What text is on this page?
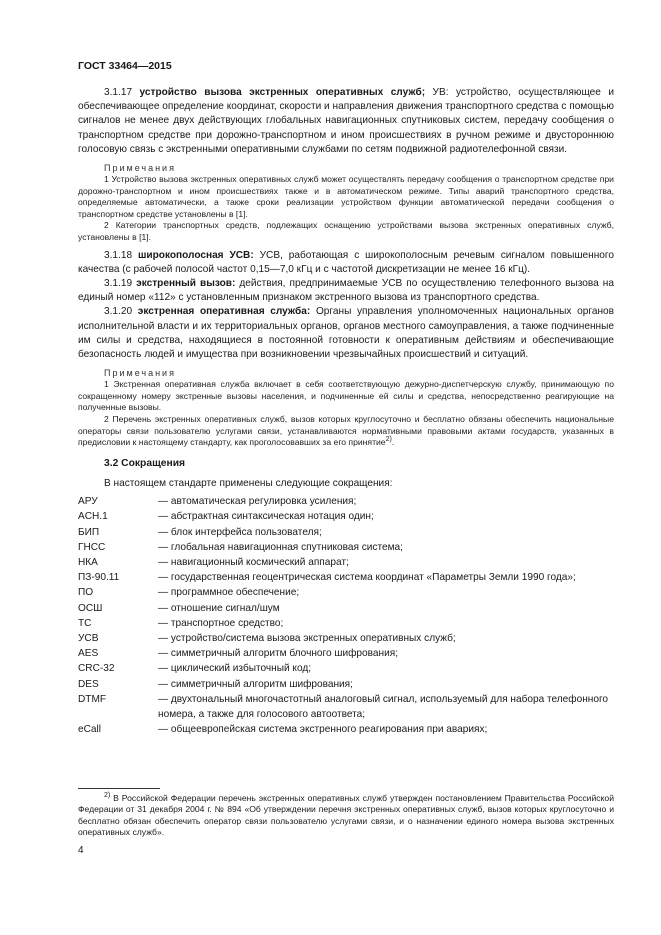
ГОСТ 33464—2015

3.1.17 устройство вызова экстренных оперативных служб; УВ: устройство, осуществляющее и обеспечивающее определение координат, скорости и направления движения транспортного средства с помощью сигналов не менее двух действующих глобальных навигационных спутниковых систем, передачу сообщения о транспортном средстве при дорожно-транспортном и ином происшествиях в ручном режиме и двустороннюю голосовую связь с экстренными оперативными службами по сетям подвижной радиотелефонной связи.

Примечания

1 Устройство вызова экстренных оперативных служб может осуществлять передачу сообщения о транспортном средстве при дорожно-транспортном и ином происшествиях также и в автоматическом режиме. Типы аварий транспортного средства, определяемые автоматически, а также сроки реализации устройством функции автоматической передачи сообщения о транспортном средстве установлены в [1].

2 Категории транспортных средств, подлежащих оснащению устройствами вызова экстренных оперативных служб, установлены в [1].

3.1.18 широкополосная УСВ: УСВ, работающая с широкополосным речевым сигналом повышенного качества (с рабочей полосой частот 0,15—7,0 кГц и с частотой дискретизации не менее 16 кГц).

3.1.19 экстренный вызов: действия, предпринимаемые УСВ по осуществлению телефонного вызова на единый номер «112» с установленным признаком экстренного вызова из транспортного средства.

3.1.20 экстренная оперативная служба: Органы управления уполномоченных национальных органов исполнительной власти и их территориальных органов, органов местного самоуправления, а также подчиненные им силы и средства, находящиеся в постоянной готовности к оперативным действиям и обеспечивающие безопасность людей и имущества при возникновении чрезвычайных происшествий и ситуаций.

Примечания

1 Экстренная оперативная служба включает в себя соответствующую дежурно-диспетчерскую службу, принимающую по сокращенному номеру экстренные вызовы населения, и подчиненные ей силы и средства, непосредственно реагирующие на полученные вызовы.

2 Перечень экстренных оперативных служб, вызов которых круглосуточно и бесплатно обязаны обеспечить национальные операторы связи пользователю услугами связи, устанавливаются нормативными правовыми актами государств, указанных в предисловии к настоящему стандарту, как проголосовавших за его принятие$^{2)}$.

3.2 Сокращения

В настоящем стандарте применены следующие сокращения:

АРУ	— автоматическая регулировка усиления;
ACH.1	— абстрактная синтаксическая нотация один;
БИП	— блок интерфейса пользователя;
ГНСС	— глобальная навигационная спутниковая система;
НКА	— навигационный космический аппарат;
ПЗ-90.11	— государственная геоцентрическая система координат «Параметры Земли 1990 года»;
ПО	— программное обеспечение;
ОСШ	— отношение сигнал/шум
ТС	— транспортное средство;
УСВ	— устройство/система вызова экстренных оперативных служб;
AES	— симметричный алгоритм блочного шифрования;
CRC-32	— циклический избыточный код;
DES	— симметричный алгоритм шифрования;
DTMF	— двухтональный многочастотный аналоговый сигнал, используемый для набора телефонного номера, а также для голосового автоответа;
eCall	— общеевропейская система экстренного реагирования при авариях;

$^{2)}$ В Российской Федерации перечень экстренных оперативных служб утвержден постановлением Правительства Российской Федерации от 31 декабря 2004 г. № 894 «Об утверждении перечня экстренных оперативных служб, вызов которых круглосуточно и бесплатно обязан обеспечить оператор связи пользователю услугами связи, и о назначении единого номера вызова экстренных оперативных служб».

4
